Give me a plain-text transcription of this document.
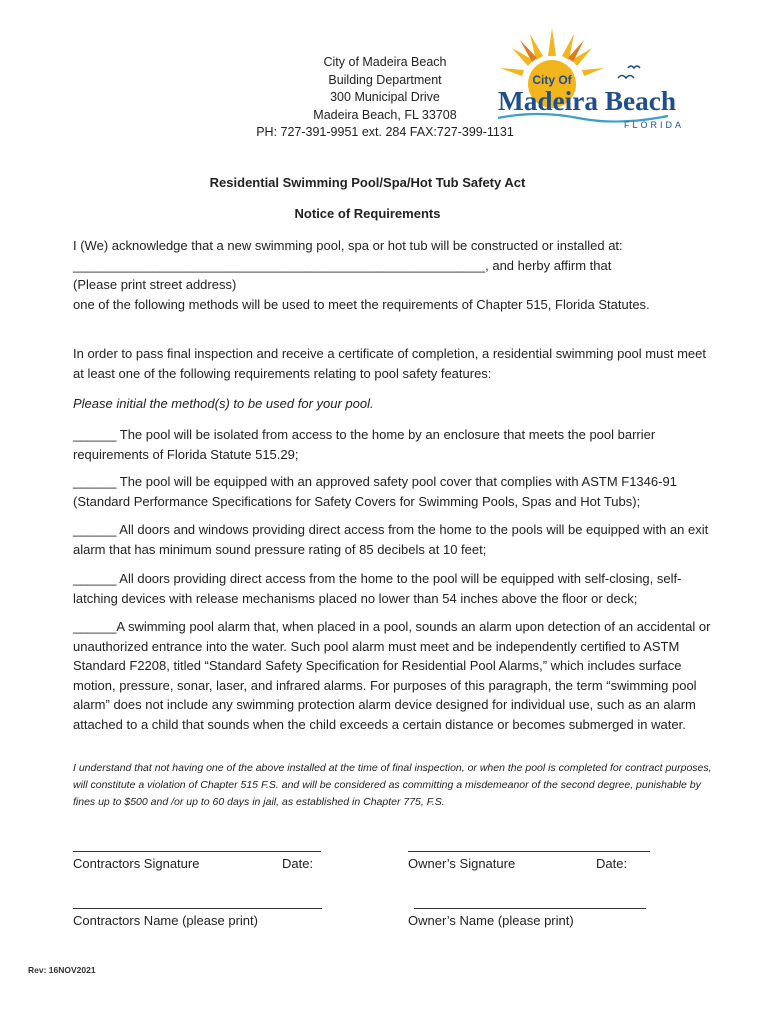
City of Madeira Beach
Building Department
300 Municipal Drive
Madeira Beach, FL 33708
PH: 727-391-9951 ext. 284 FAX:727-399-1131
City Of
Madeira Beach
FLORIDA
Residential Swimming Pool/Spa/Hot Tub Safety Act
Notice of Requirements
I (We) acknowledge that a new swimming pool, spa or hot tub will be constructed or installed at:
_________________________________________________________, and herby affirm that
(Please print street address)
one of the following methods will be used to meet the requirements of Chapter 515, Florida Statutes.
In order to pass final inspection and receive a certificate of completion, a residential swimming pool must meet at least one of the following requirements relating to pool safety features:
Please initial the method(s) to be used for your pool.
______ The pool will be isolated from access to the home by an enclosure that meets the pool barrier requirements of Florida Statute 515.29;
______ The pool will be equipped with an approved safety pool cover that complies with ASTM F1346-91 (Standard Performance Specifications for Safety Covers for Swimming Pools, Spas and Hot Tubs);
______ All doors and windows providing direct access from the home to the pools will be equipped with an exit alarm that has minimum sound pressure rating of 85 decibels at 10 feet;
______ All doors providing direct access from the home to the pool will be equipped with self-closing, self-latching devices with release mechanisms placed no lower than 54 inches above the floor or deck;
______A swimming pool alarm that, when placed in a pool, sounds an alarm upon detection of an accidental or unauthorized entrance into the water. Such pool alarm must meet and be independently certified to ASTM Standard F2208, titled “Standard Safety Specification for Residential Pool Alarms,” which includes surface motion, pressure, sonar, laser, and infrared alarms. For purposes of this paragraph, the term “swimming pool alarm” does not include any swimming protection alarm device designed for individual use, such as an alarm attached to a child that sounds when the child exceeds a certain distance or becomes submerged in water.
I understand that not having one of the above installed at the time of final inspection, or when the pool is completed for contract purposes, will constitute a violation of Chapter 515 F.S. and will be considered as committing a misdemeanor of the second degree, punishable by fines up to $500 and /or up to 60 days in jail, as established in Chapter 775, F.S.
Contractors Signature	Date:	Owner’s Signature	Date:
Contractors Name (please print)	Owner’s Name (please print)
Rev: 16NOV2021
